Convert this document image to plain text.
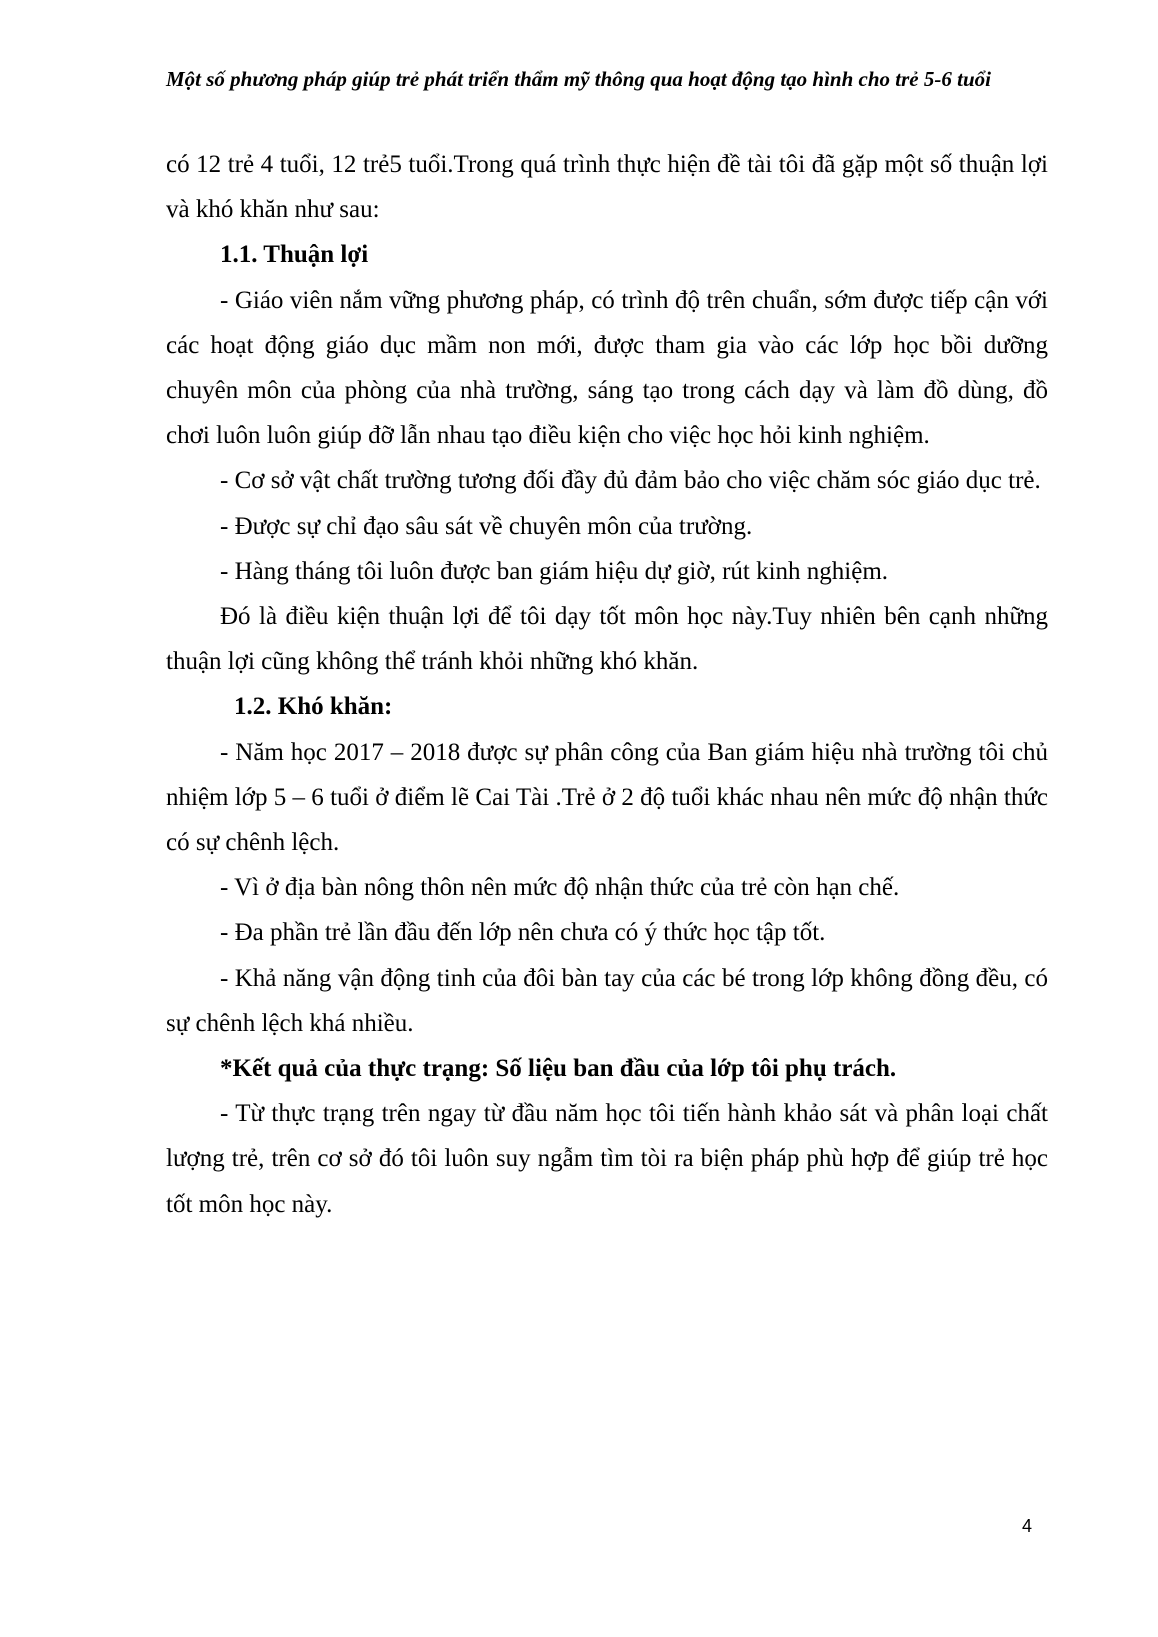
Một số phương pháp giúp trẻ phát triển thẩm mỹ thông qua hoạt động tạo hình cho trẻ 5-6 tuổi

có 12 trẻ 4 tuổi, 12 trẻ5 tuổi.Trong quá trình thực hiện đề tài tôi đã gặp một số thuận lợi và khó khăn như sau:

1.1. Thuận lợi

- Giáo viên nắm vững phương pháp, có trình độ trên chuẩn, sớm được tiếp cận với các hoạt động giáo dục mầm non mới, được tham gia vào các lớp học bồi dưỡng chuyên môn của phòng của nhà trường, sáng tạo trong cách dạy và làm đồ dùng, đồ chơi luôn luôn giúp đỡ lẫn nhau tạo điều kiện cho việc học hỏi kinh nghiệm.

- Cơ sở vật chất trường tương đối đầy đủ đảm bảo cho việc chăm sóc giáo dục trẻ.

- Được sự chỉ đạo sâu sát về chuyên môn của trường.

- Hàng tháng tôi luôn được ban giám hiệu dự giờ, rút kinh nghiệm.

Đó là điều kiện thuận lợi để tôi dạy tốt môn học này.Tuy nhiên bên cạnh những thuận lợi cũng không thể tránh khỏi những khó khăn.

1.2. Khó khăn:

- Năm học 2017 – 2018 được sự phân công của Ban giám hiệu nhà trường tôi chủ nhiệm lớp 5 – 6 tuổi ở điểm lẽ Cai Tài .Trẻ ở 2 độ tuổi khác nhau nên mức độ nhận thức có sự chênh lệch.

- Vì ở địa bàn nông thôn nên mức độ nhận thức của trẻ còn hạn chế.

- Đa phần trẻ lần đầu đến lớp nên chưa có ý thức học tập tốt.

- Khả năng vận động tinh của đôi bàn tay của các bé trong lớp không đồng đều, có sự chênh lệch khá nhiều.

*Kết quả của thực trạng: Số liệu ban đầu của lớp tôi phụ trách.

- Từ thực trạng trên ngay từ đầu năm học tôi tiến hành khảo sát và phân loại chất lượng trẻ, trên cơ sở đó tôi luôn suy ngẫm tìm tòi ra biện pháp phù hợp để giúp trẻ học tốt môn học này.

4
